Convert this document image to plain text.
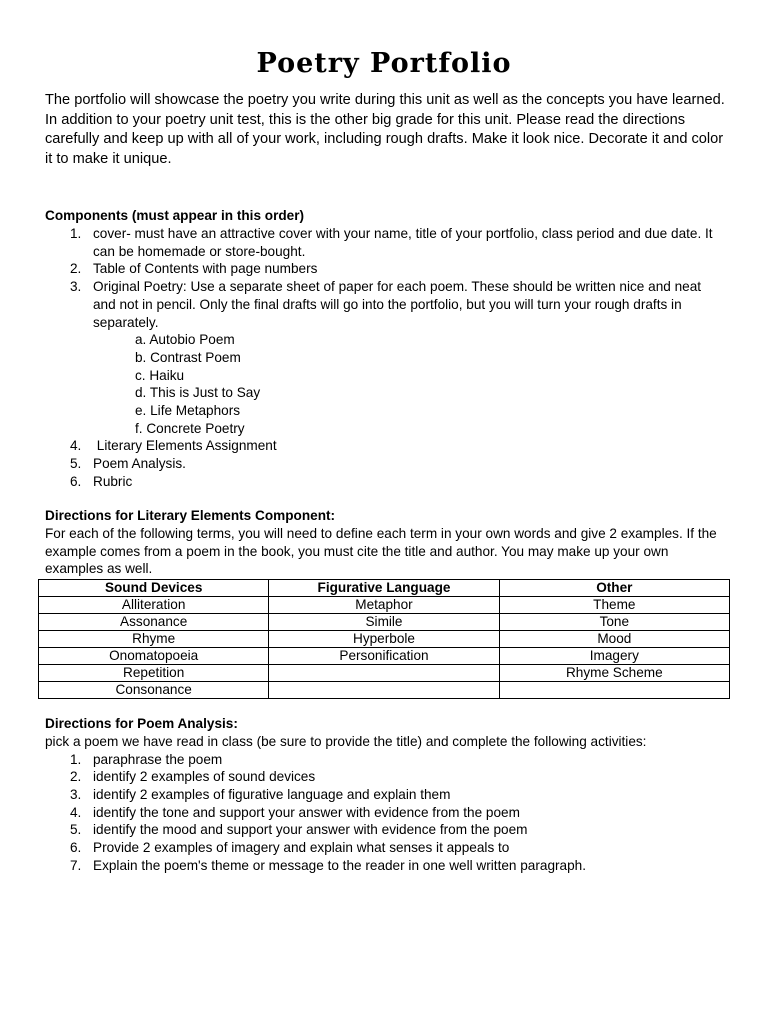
Poetry Portfolio
The portfolio will showcase the poetry you write during this unit as well as the concepts you have learned. In addition to your poetry unit test, this is the other big grade for this unit. Please read the directions carefully and keep up with all of your work, including rough drafts. Make it look nice. Decorate it and color it to make it unique.
Components (must appear in this order)
1. cover- must have an attractive cover with your name, title of your portfolio, class period and due date. It can be homemade or store-bought.
2. Table of Contents with page numbers
3. Original Poetry: Use a separate sheet of paper for each poem. These should be written nice and neat and not in pencil. Only the final drafts will go into the portfolio, but you will turn your rough drafts in separately.
a. Autobio Poem
b. Contrast Poem
c. Haiku
d. This is Just to Say
e. Life Metaphors
f. Concrete Poetry
4. Literary Elements Assignment
5. Poem Analysis.
6. Rubric
Directions for Literary Elements Component:
For each of the following terms, you will need to define each term in your own words and give 2 examples. If the example comes from a poem in the book, you must cite the title and author. You may make up your own examples as well.
Sound Devices	Figurative Language	Other
Alliteration	Metaphor	Theme
Assonance	Simile	Tone
Rhyme	Hyperbole	Mood
Onomatopoeia	Personification	Imagery
Repetition		Rhyme Scheme
Consonance		
Directions for Poem Analysis:
pick a poem we have read in class (be sure to provide the title) and complete the following activities:
1. paraphrase the poem
2. identify 2 examples of sound devices
3. identify 2 examples of figurative language and explain them
4. identify the tone and support your answer with evidence from the poem
5. identify the mood and support your answer with evidence from the poem
6. Provide 2 examples of imagery and explain what senses it appeals to
7. Explain the poem's theme or message to the reader in one well written paragraph.
